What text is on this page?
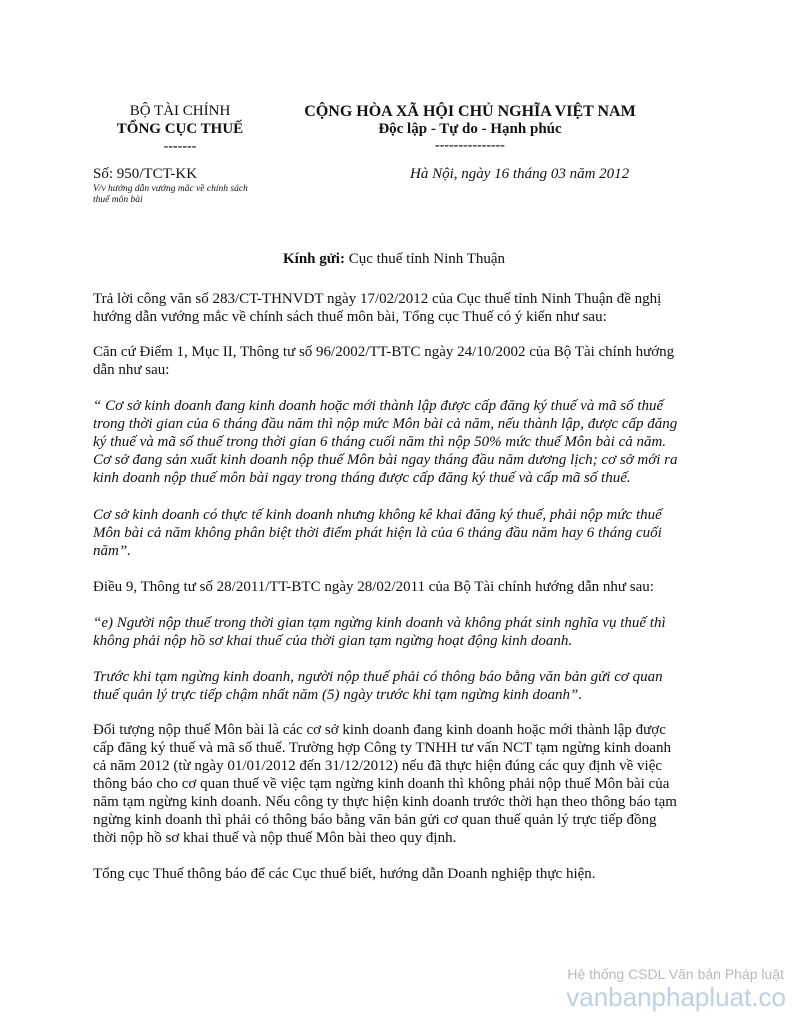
BỘ TÀI CHÍNH
TỔNG CỤC THUẾ
-------
CỘNG HÒA XÃ HỘI CHỦ NGHĨA VIỆT NAM
Độc lập - Tự do - Hạnh phúc
---------------
Số: 950/TCT-KK
V/v hướng dẫn vướng mắc về chính sách
thuế môn bài
Hà Nội, ngày 16 tháng 03 năm 2012
Kính gửi: Cục thuế tỉnh Ninh Thuận
Trả lời công văn số 283/CT-THNVDT ngày 17/02/2012 của Cục thuế tỉnh Ninh Thuận đề nghị
hướng dẫn vướng mắc về chính sách thuế môn bài, Tổng cục Thuế có ý kiến như sau:
Căn cứ Điểm 1, Mục II, Thông tư số 96/2002/TT-BTC ngày 24/10/2002 của Bộ Tài chính hướng
dẫn như sau:
“ Cơ sở kinh doanh đang kinh doanh hoặc mới thành lập được cấp đăng ký thuế và mã số thuế
trong thời gian của 6 tháng đầu năm thì nộp mức Môn bài cả năm, nếu thành lập, được cấp đăng
ký thuế và mã số thuế trong thời gian 6 tháng cuối năm thì nộp 50% mức thuế Môn bài cả năm.
Cơ sở đang sản xuất kinh doanh nộp thuế Môn bài ngay tháng đầu năm dương lịch; cơ sở mới ra
kinh doanh nộp thuế môn bài ngay trong tháng được cấp đăng ký thuế và cấp mã số thuế.
Cơ sở kinh doanh có thực tế kinh doanh nhưng không kê khai đăng ký thuế, phải nộp mức thuế
Môn bài cả năm không phân biệt thời điểm phát hiện là của 6 tháng đầu năm hay 6 tháng cuối
năm”.
Điều 9, Thông tư số 28/2011/TT-BTC ngày 28/02/2011 của Bộ Tài chính hướng dẫn như sau:
“e) Người nộp thuế trong thời gian tạm ngừng kinh doanh và không phát sinh nghĩa vụ thuế thì
không phải nộp hồ sơ khai thuế của thời gian tạm ngừng hoạt động kinh doanh.
Trước khi tạm ngừng kinh doanh, người nộp thuế phải có thông báo bằng văn bản gửi cơ quan
thuế quản lý trực tiếp chậm nhất năm (5) ngày trước khi tạm ngừng kinh doanh”.
Đối tượng nộp thuế Môn bài là các cơ sở kinh doanh đang kinh doanh hoặc mới thành lập được
cấp đăng ký thuế và mã số thuế. Trường hợp Công ty TNHH tư vấn NCT tạm ngừng kinh doanh
cả năm 2012 (từ ngày 01/01/2012 đến 31/12/2012) nếu đã thực hiện đúng các quy định về việc
thông báo cho cơ quan thuế về việc tạm ngừng kinh doanh thì không phải nộp thuế Môn bài của
năm tạm ngừng kinh doanh. Nếu công ty thực hiện kinh doanh trước thời hạn theo thông báo tạm
ngừng kinh doanh thì phải có thông báo bằng văn bản gửi cơ quan thuế quản lý trực tiếp đồng
thời nộp hồ sơ khai thuế và nộp thuế Môn bài theo quy định.
Tổng cục Thuế thông báo để các Cục thuế biết, hướng dẫn Doanh nghiệp thực hiện.
Hệ thống CSDL Văn bản Pháp luật
vanbanphapluat.co
